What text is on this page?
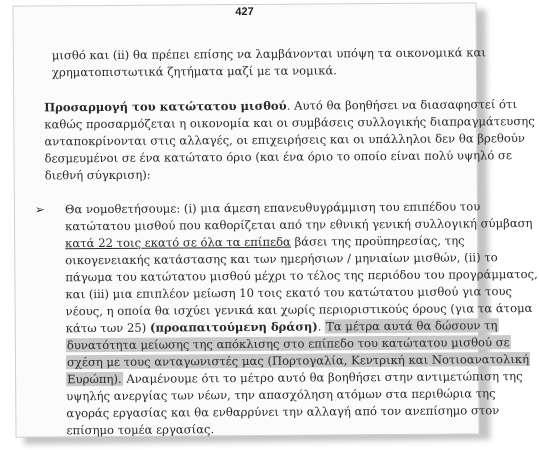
427
μισθό και (ii) θα πρέπει επίσης να λαμβάνονται υπόψη τα οικονομικά και
χρηματοπιστωτικά ζητήματα μαζί με τα νομικά.
Προσαρμογή του κατώτατου μισθού. Αυτό θα βοηθήσει να διασαφηστεί ότι
καθώς προσαρμόζεται η οικονομία και οι συμβάσεις συλλογικής διαπραγμάτευσης
ανταποκρίνονται στις αλλαγές, οι επιχειρήσεις και οι υπάλληλοι δεν θα βρεθούν
δεσμευμένοι σε ένα κατώτατο όριο (και ένα όριο το οποίο είναι πολύ υψηλό σε
διεθνή σύγκριση):
➢ Θα νομοθετήσουμε: (i) μια άμεση επανευθυγράμμιση του επιπέδου του
κατώτατου μισθού που καθορίζεται από την εθνική γενική συλλογική σύμβαση
κατά 22 τοις εκατό σε όλα τα επίπεδα βάσει της προϋπηρεσίας, της
οικογενειακής κατάστασης και των ημερήσιων / μηνιαίων μισθών, (ii) το
πάγωμα του κατώτατου μισθού μέχρι το τέλος της περιόδου του προγράμματος,
και (iii) μια επιπλέον μείωση 10 τοις εκατό του κατώτατου μισθού για τους
νέους, η οποία θα ισχύει γενικά και χωρίς περιοριστικούς όρους (για τα άτομα
κάτω των 25) (προαπαιτούμενη δράση). Τα μέτρα αυτά θα δώσουν τη
δυνατότητα μείωσης της απόκλισης στο επίπεδο του κατώτατου μισθού σε
σχέση με τους ανταγωνιστές μας (Πορτογαλία, Κεντρική και Νοτιοανατολική
Ευρώπη). Αναμένουμε ότι το μέτρο αυτό θα βοηθήσει στην αντιμετώπιση της
υψηλής ανεργίας των νέων, την απασχόληση ατόμων στα περιθώρια της
αγοράς εργασίας και θα ενθαρρύνει την αλλαγή από τον ανεπίσημο στον
επίσημο τομέα εργασίας.
